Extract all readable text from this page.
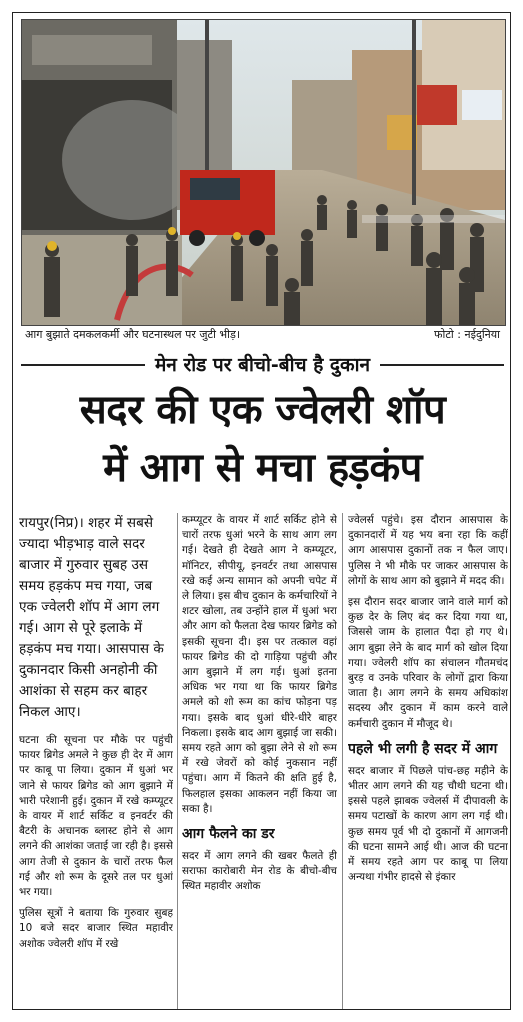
आग बुझाते दमकलकर्मी और घटनास्थल पर जुटी भीड़।	फोटो : नईदुनिया
मेन रोड पर बीचो-बीच है दुकान
सदर की एक ज्वेलरी शॉप
में आग से मचा हड़कंप

रायपुर(निप्र)। शहर में सबसे ज्यादा भीड़भाड़ वाले सदर बाजार में गुरुवार सुबह उस समय हड़कंप मच गया, जब एक ज्वेलरी शॉप में आग लग गई। आग से पूरे इलाके में हड़कंप मच गया। आसपास के दुकानदार किसी अनहोनी की आशंका से सहम कर बाहर निकल आए।

घटना की सूचना पर मौके पर पहुंची फायर ब्रिगेड अमले ने कुछ ही देर में आग पर काबू पा लिया। दुकान में धुआं भर जाने से फायर ब्रिगेड को आग बुझाने में भारी परेशानी हुई। दुकान में रखे कम्प्यूटर के वायर में शार्ट सर्किट व इनवर्टर की बैटरी के अचानक ब्लास्ट होने से आग लगने की आशंका जताई जा रही है। इससे आग तेजी से दुकान के चारों तरफ फैल गई और शो रूम के दूसरे तल पर धुआं भर गया।

पुलिस सूत्रों ने बताया कि गुरुवार सुबह 10 बजे सदर बाजार स्थित महावीर अशोक ज्वेलरी शॉप में रखे

कम्प्यूटर के वायर में शार्ट सर्किट होने से चारों तरफ धुआं भरने के साथ आग लग गई। देखते ही देखते आग ने कम्प्यूटर, मॉनिटर, सीपीयू, इनवर्टर तथा आसपास रखे कई अन्य सामान को अपनी चपेट में ले लिया। इस बीच दुकान के कर्मचारियों ने शटर खोला, तब उन्होंने हाल में धुआं भरा और आग को फैलता देख फायर ब्रिगेड को इसकी सूचना दी। इस पर तत्काल वहां फायर ब्रिगेड की दो गाड़िया पहुंची और आग बुझाने में लग गई। धुआं इतना अधिक भर गया था कि फायर ब्रिगेड अमले को शो रूम का कांच फोड़ना पड़ गया। इसके बाद धुआं धीरे-धीरे बाहर निकला। इसके बाद आग बुझाई जा सकी। समय रहते आग को बुझा लेने से शो रूम में रखे जेवरों को कोई नुकसान नहीं पहुंचा। आग में कितने की क्षति हुई है, फिलहाल इसका आकलन नहीं किया जा सका है।

आग फैलने का डर

सदर में आग लगने की खबर फैलते ही सराफा कारोबारी मेन रोड के बीचो-बीच स्थित महावीर अशोक

ज्वेलर्स पहुंचे। इस दौरान आसपास के दुकानदारों में यह भय बना रहा कि कहीं आग आसपास दुकानों तक न फैल जाए। पुलिस ने भी मौके पर जाकर आसपास के लोगों के साथ आग को बुझाने में मदद की।

इस दौरान सदर बाजार जाने वाले मार्ग को कुछ देर के लिए बंद कर दिया गया था, जिससे जाम के हालात पैदा हो गए थे। आग बुझा लेने के बाद मार्ग को खोल दिया गया। ज्वेलरी शॉप का संचालन गौतमचंद बुरड़ व उनके परिवार के लोगों द्वारा किया जाता है। आग लगने के समय अधिकांश सदस्य और दुकान में काम करने वाले कर्मचारी दुकान में मौजूद थे।

पहले भी लगी है सदर में आग

सदर बाजार में पिछले पांच-छह महीने के भीतर आग लगने की यह चौथी घटना थी। इससे पहले झाबक ज्वेलर्स में दीपावली के समय पटाखों के कारण आग लग गई थी। कुछ समय पूर्व भी दो दुकानों में आगजनी की घटना सामने आई थी। आज की घटना में समय रहते आग पर काबू पा लिया अन्यथा गंभीर हादसे से इंकार
